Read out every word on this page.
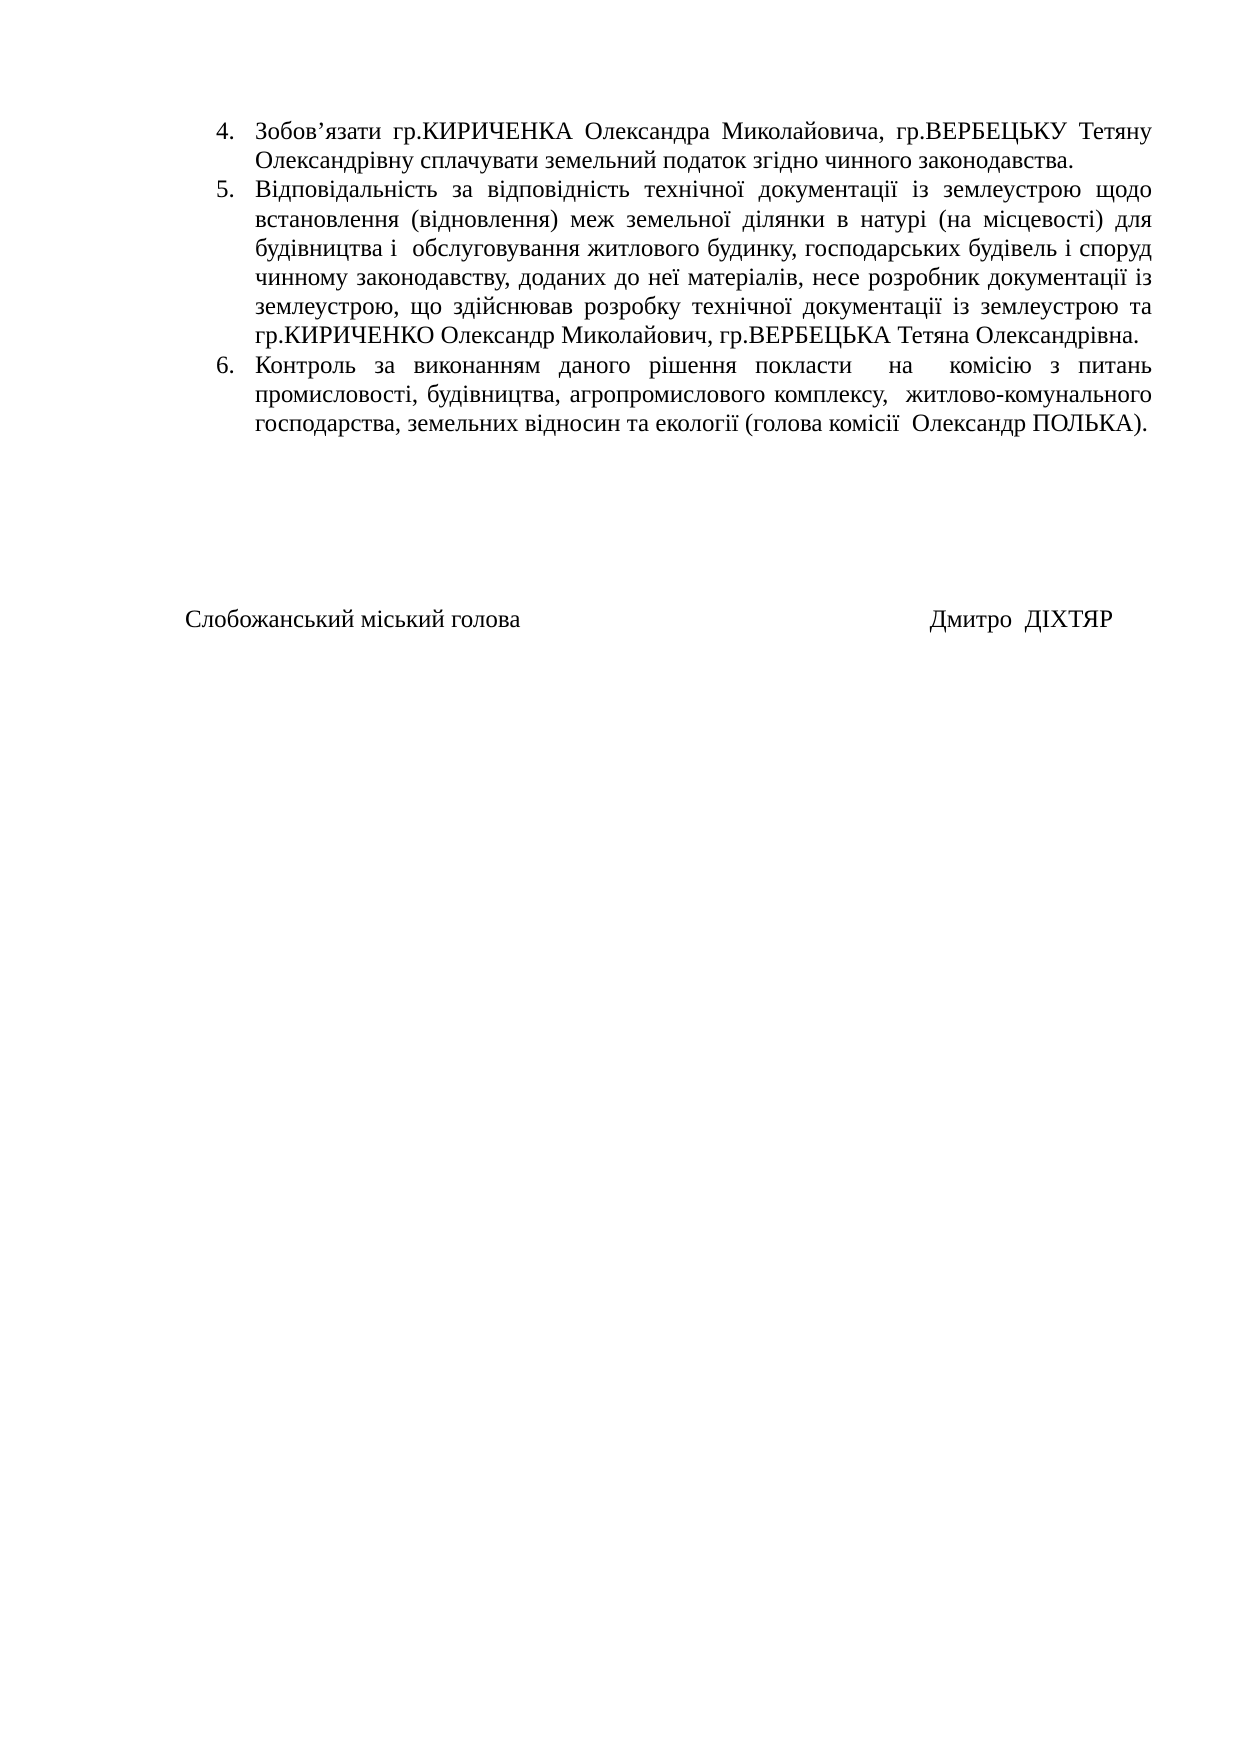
4. Зобов’язати гр.КИРИЧЕНКА Олександра Миколайовича, гр.ВЕРБЕЦЬКУ Тетяну
Олександрівну сплачувати земельний податок згідно чинного законодавства.
5. Відповідальність за відповідність технічної документації із землеустрою щодо
встановлення (відновлення) меж земельної ділянки в натурі (на місцевості) для
будівництва і  обслуговування житлового будинку, господарських будівель і споруд
чинному законодавству, доданих до неї матеріалів, несе розробник документації із
землеустрою, що здійснював розробку технічної документації із землеустрою та
гр.КИРИЧЕНКО Олександр Миколайович, гр.ВЕРБЕЦЬКА Тетяна Олександрівна.
6. Контроль за виконанням даного рішення покласти  на  комісію з питань
промисловості, будівництва, агропромислового комплексу,  житлово-комунального
господарства, земельних відносин та екології (голова комісії  Олександр ПОЛЬКА).
Слобожанський міський голова	Дмитро  ДІХТЯР
